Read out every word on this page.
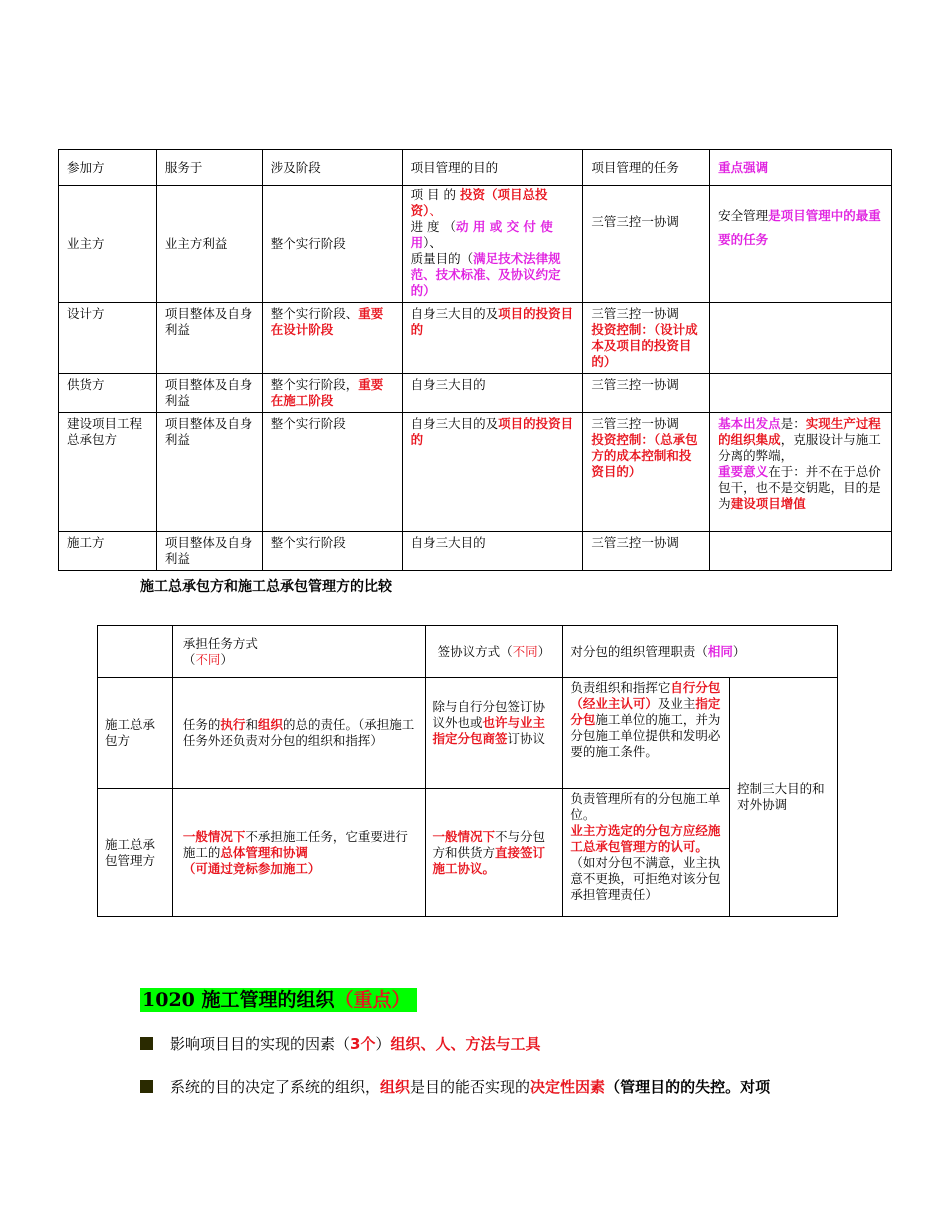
参加方	服务于	涉及阶段	项目管理的目的	项目管理的任务	重点强调
业主方	业主方利益	整个实行阶段	项 目 的 投资（项目总投资）、
进 度 （动 用 或 交 付 使 用）、
质量目的（满足技术法律规范、技术标准、及协议约定的）	三管三控一协调	安全管理是项目管理中的最重要的任务
设计方	项目整体及自身利益	整个实行阶段、重要在设计阶段	自身三大目的及项目的投资目的	三管三控一协调
投资控制：（设计成本及项目的投资目的）	
供货方	项目整体及自身利益	整个实行阶段，重要在施工阶段	自身三大目的	三管三控一协调	
建设项目工程总承包方	项目整体及自身利益	整个实行阶段	自身三大目的及项目的投资目的	三管三控一协调
投资控制：（总承包方的成本控制和投资目的）	基本出发点是：实现生产过程的组织集成，克服设计与施工分离的弊端，
重要意义在于：并不在于总价包干，也不是交钥匙，目的是为建设项目增值
施工方	项目整体及自身利益	整个实行阶段	自身三大目的	三管三控一协调	
施工总承包方和施工总承包管理方的比较
	承担任务方式
（不同）	签协议方式（不同）	对分包的组织管理职责（相同）	
施工总承包方	任务的执行和组织的总的责任。（承担施工任务外还负责对分包的组织和指挥）	除与自行分包签订协议外也或也许与业主指定分包商签订协议	负责组织和指挥它自行分包（经业主认可）及业主指定分包施工单位的施工，并为分包施工单位提供和发明必要的施工条件。	控制三大目的和对外协调
施工总承包管理方	一般情况下不承担施工任务，它重要进行施工的总体管理和协调
（可通过竞标参加施工）	一般情况下不与分包方和供货方直接签订施工协议。	负责管理所有的分包施工单位。
业主方选定的分包方应经施工总承包管理方的认可。（如对分包不满意，业主执意不更换，可拒绝对该分包承担管理责任）	
1020 施工管理的组织（重点）
影响项目目的实现的因素（3个）组织、人、方法与工具
系统的目的决定了系统的组织，组织是目的能否实现的决定性因素（管理目的的失控。对项
